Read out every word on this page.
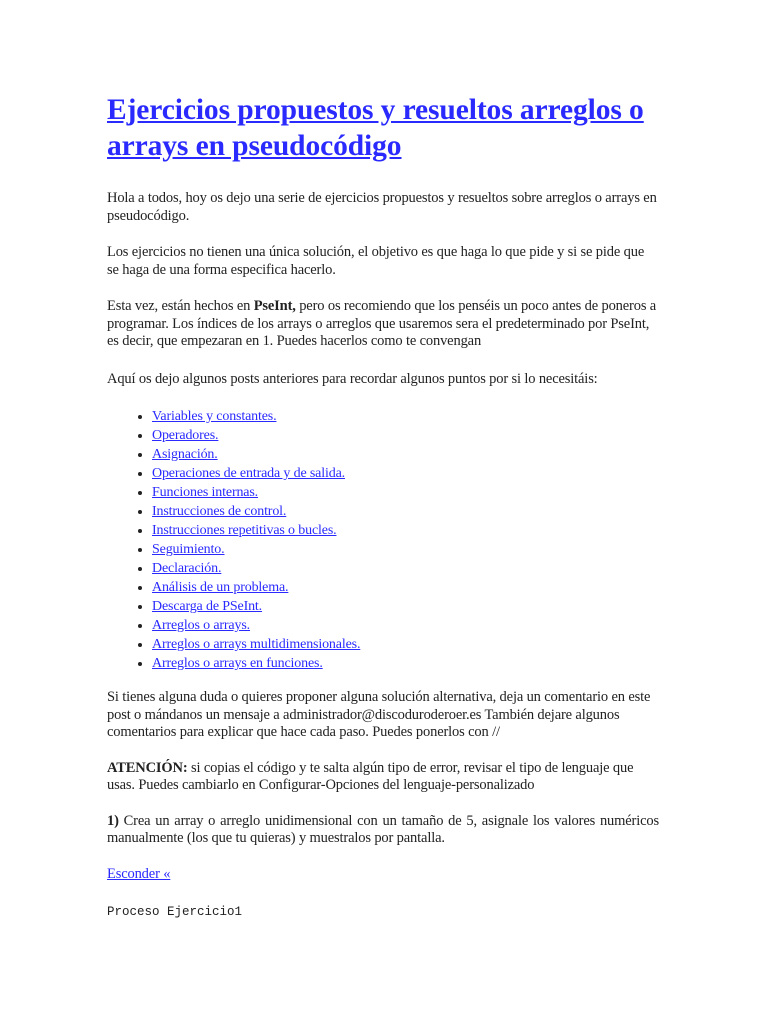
Ejercicios propuestos y resueltos arreglos o arrays en pseudocódigo

Hola a todos, hoy os dejo una serie de ejercicios propuestos y resueltos sobre arreglos o arrays en pseudocódigo.

Los ejercicios no tienen una única solución, el objetivo es que haga lo que pide y si se pide que se haga de una forma especifica hacerlo.

Esta vez, están hechos en PseInt, pero os recomiendo que los penséis un poco antes de poneros a programar. Los índices de los arrays o arreglos que usaremos sera el predeterminado por PseInt, es decir, que empezaran en 1. Puedes hacerlos como te convengan

Aquí os dejo algunos posts anteriores para recordar algunos puntos por si lo necesitáis:

• Variables y constantes.
• Operadores.
• Asignación.
• Operaciones de entrada y de salida.
• Funciones internas.
• Instrucciones de control.
• Instrucciones repetitivas o bucles.
• Seguimiento.
• Declaración.
• Análisis de un problema.
• Descarga de PSeInt.
• Arreglos o arrays.
• Arreglos o arrays multidimensionales.
• Arreglos o arrays en funciones.

Si tienes alguna duda o quieres proponer alguna solución alternativa, deja un comentario en este post o mándanos un mensaje a administrador@discoduroderoer.es También dejare algunos comentarios para explicar que hace cada paso. Puedes ponerlos con //

ATENCIÓN: si copias el código y te salta algún tipo de error, revisar el tipo de lenguaje que usas. Puedes cambiarlo en Configurar-Opciones del lenguaje-personalizado

1) Crea un array o arreglo unidimensional con un tamaño de 5, asignale los valores numéricos manualmente (los que tu quieras) y muestralos por pantalla.

Esconder «

Proceso Ejercicio1
